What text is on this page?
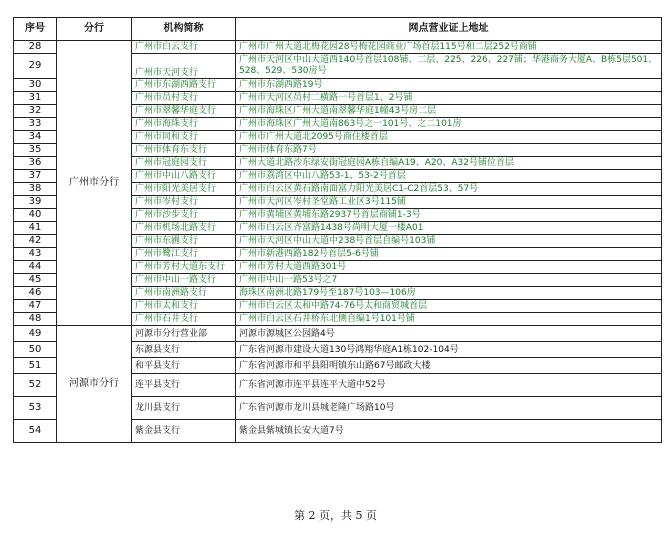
序号	分行	机构简称	网点营业证上地址
28	广州市分行	广州市白云支行	广州市广州大道北梅花园28号梅花园商业广场首层115号和二层252号商铺
29		广州市天河支行	广州市天河区中山大道西140号首层108铺、二层、225、226、227铺；华港商务大厦A、B栋5层501、528、529、530房号
30		广州市东湖西路支行	广州市东湖西路19号
31		广州市员村支行	广州市天河区员村二横路一号首层1、2号铺
32		广州市翠馨华庭支行	广州市海珠区广州大道南翠馨华庭1幢43号房二层
33		广州市海珠支行	广州市海珠区广州大道南863号之一101号、之二101房
34		广州市同和支行	广州市广州大道北2095号商住楼首层
35		广州市体育东支行	广州市体育东路7号
36		广州市冠庭园支行	广州大道北路沙东绿安街冠庭园A栋自编A19、A20、A32号铺位首层
37		广州市中山八路支行	广州市荔湾区中山八路53-1、53-2号首层
38		广州市阳光美居支行	广州市白云区黄石路南面富力阳光美居C1-C2首层53、57号
39		广州市岑村支行	广州市天河区岑村圣堂路工业区3号115铺
40		广州市沙步支行	广州市黄埔区黄埔东路2937号首层商铺1-3号
41		广州市机场北路支行	广州市白云区齐富路1438号尚明大厦一楼A01
42		广州市东圃支行	广州市天河区中山大道中238号首层自编号103铺
43		广州市鹭江支行	广州市新港西路182号首层5-6号铺
44		广州市芳村大道东支行	广州市芳村大道西路301号
45		广州市中山一路支行	广州市中山一路53号之7
46		广州市南洲路支行	海珠区南洲北路179号至187号103—106房
47		广州市太和支行	广州市白云区太和中路74-76号太和商贸城首层
48		广州市石井支行	广州市白云区石井桥东北侧自编1号101号铺
49	河源市分行	河源市分行营业部	河源市源城区公园路4号
50		东源县支行	广东省河源市建设大道130号鸿翔华庭A1栋102-104号
51		和平县支行	广东省河源市和平县阳明镇东山路67号邮政大楼
52		连平县支行	广东省河源市连平县连平大道中52号
53		龙川县支行	广东省河源市龙川县城老隆广场路10号
54		紫金县支行	紫金县紫城镇长安大道7号
第 2 页，共 5 页
